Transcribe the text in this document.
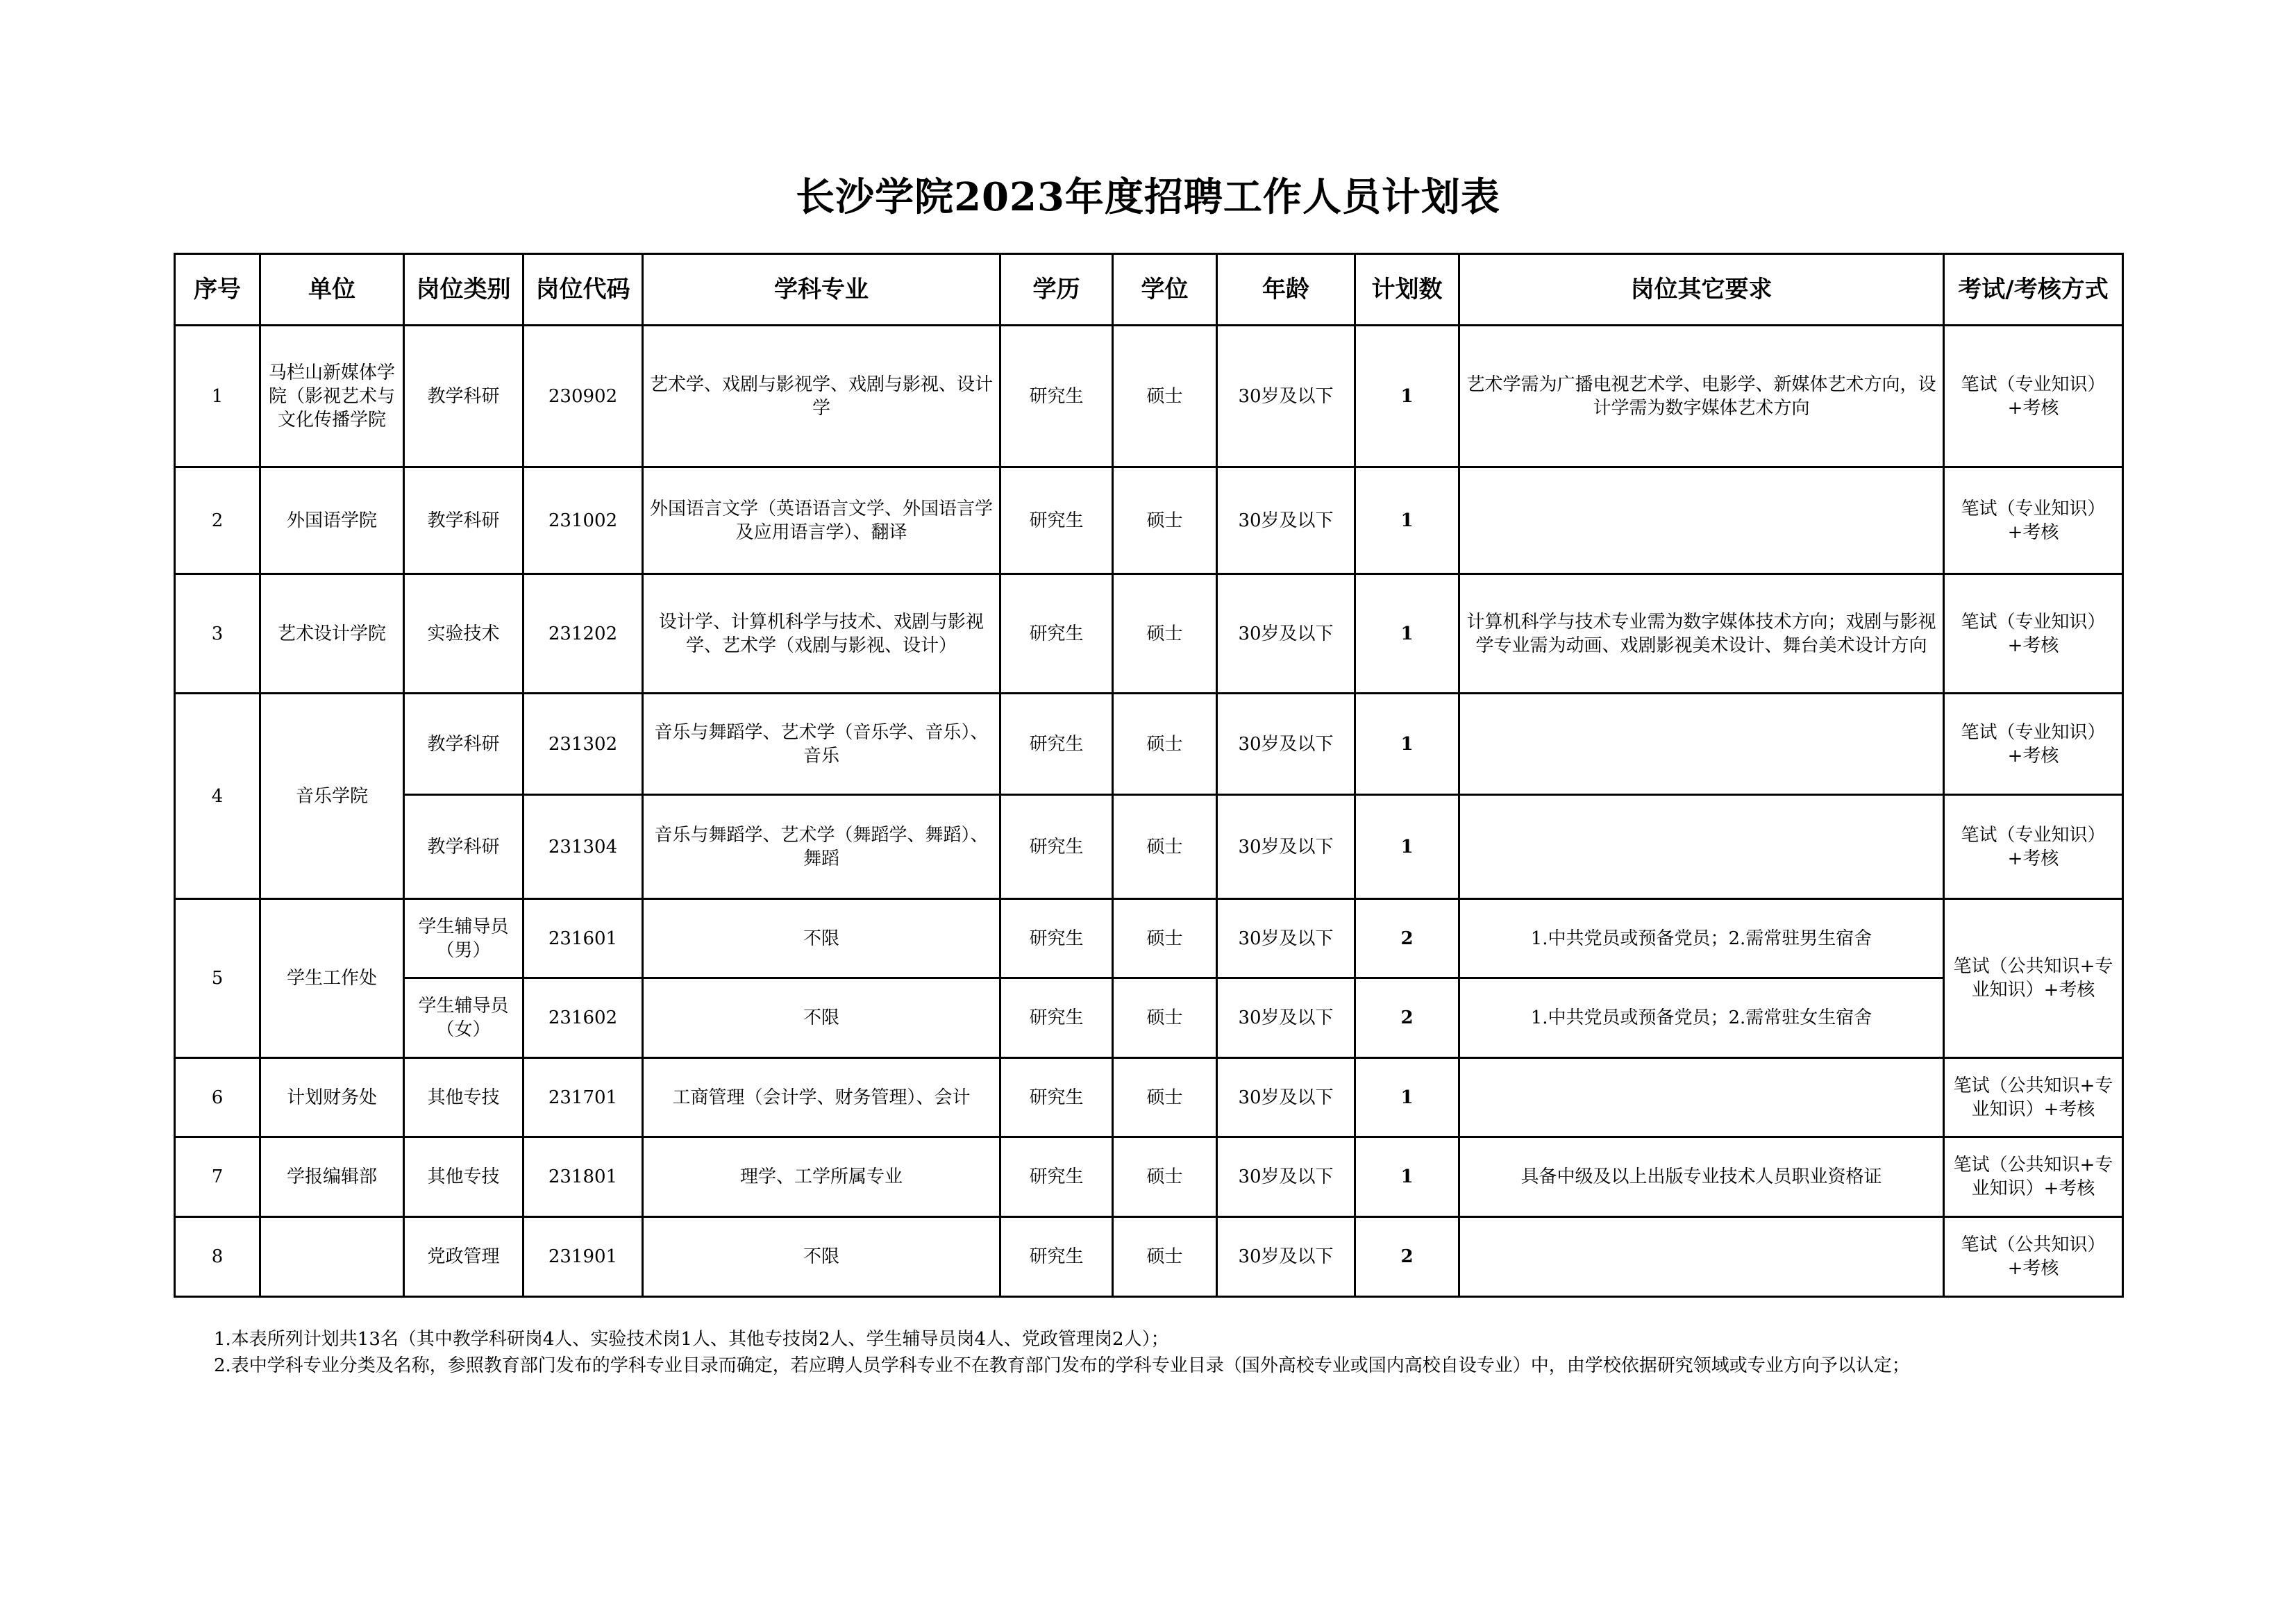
长沙学院2023年度招聘工作人员计划表
序号	单位	岗位类别	岗位代码	学科专业	学历	学位	年龄	计划数	岗位其它要求	考试/考核方式
1	马栏山新媒体学院（影视艺术与文化传播学院	教学科研	230902	艺术学、戏剧与影视学、戏剧与影视、设计学	研究生	硕士	30岁及以下	1	艺术学需为广播电视艺术学、电影学、新媒体艺术方向，设计学需为数字媒体艺术方向	笔试（专业知识）+考核
2	外国语学院	教学科研	231002	外国语言文学（英语语言文学、外国语言学及应用语言学）、翻译	研究生	硕士	30岁及以下	1		笔试（专业知识）+考核
3	艺术设计学院	实验技术	231202	设计学、计算机科学与技术、戏剧与影视学、艺术学（戏剧与影视、设计）	研究生	硕士	30岁及以下	1	计算机科学与技术专业需为数字媒体技术方向；戏剧与影视学专业需为动画、戏剧影视美术设计、舞台美术设计方向	笔试（专业知识）+考核
4	音乐学院	教学科研	231302	音乐与舞蹈学、艺术学（音乐学、音乐）、音乐	研究生	硕士	30岁及以下	1		笔试（专业知识）+考核
		教学科研	231304	音乐与舞蹈学、艺术学（舞蹈学、舞蹈）、舞蹈	研究生	硕士	30岁及以下	1		笔试（专业知识）+考核
5	学生工作处	学生辅导员（男）	231601	不限	研究生	硕士	30岁及以下	2	1.中共党员或预备党员；2.需常驻男生宿舍	笔试（公共知识+专业知识）+考核
		学生辅导员（女）	231602	不限	研究生	硕士	30岁及以下	2	1.中共党员或预备党员；2.需常驻女生宿舍	
6	计划财务处	其他专技	231701	工商管理（会计学、财务管理）、会计	研究生	硕士	30岁及以下	1		笔试（公共知识+专业知识）+考核
7	学报编辑部	其他专技	231801	理学、工学所属专业	研究生	硕士	30岁及以下	1	具备中级及以上出版专业技术人员职业资格证	笔试（公共知识+专业知识）+考核
8		党政管理	231901	不限	研究生	硕士	30岁及以下	2		笔试（公共知识）+考核
1.本表所列计划共13名（其中教学科研岗4人、实验技术岗1人、其他专技岗2人、学生辅导员岗4人、党政管理岗2人）；
2.表中学科专业分类及名称，参照教育部门发布的学科专业目录而确定，若应聘人员学科专业不在教育部门发布的学科专业目录（国外高校专业或国内高校自设专业）中，由学校依据研究领域或专业方向予以认定；
